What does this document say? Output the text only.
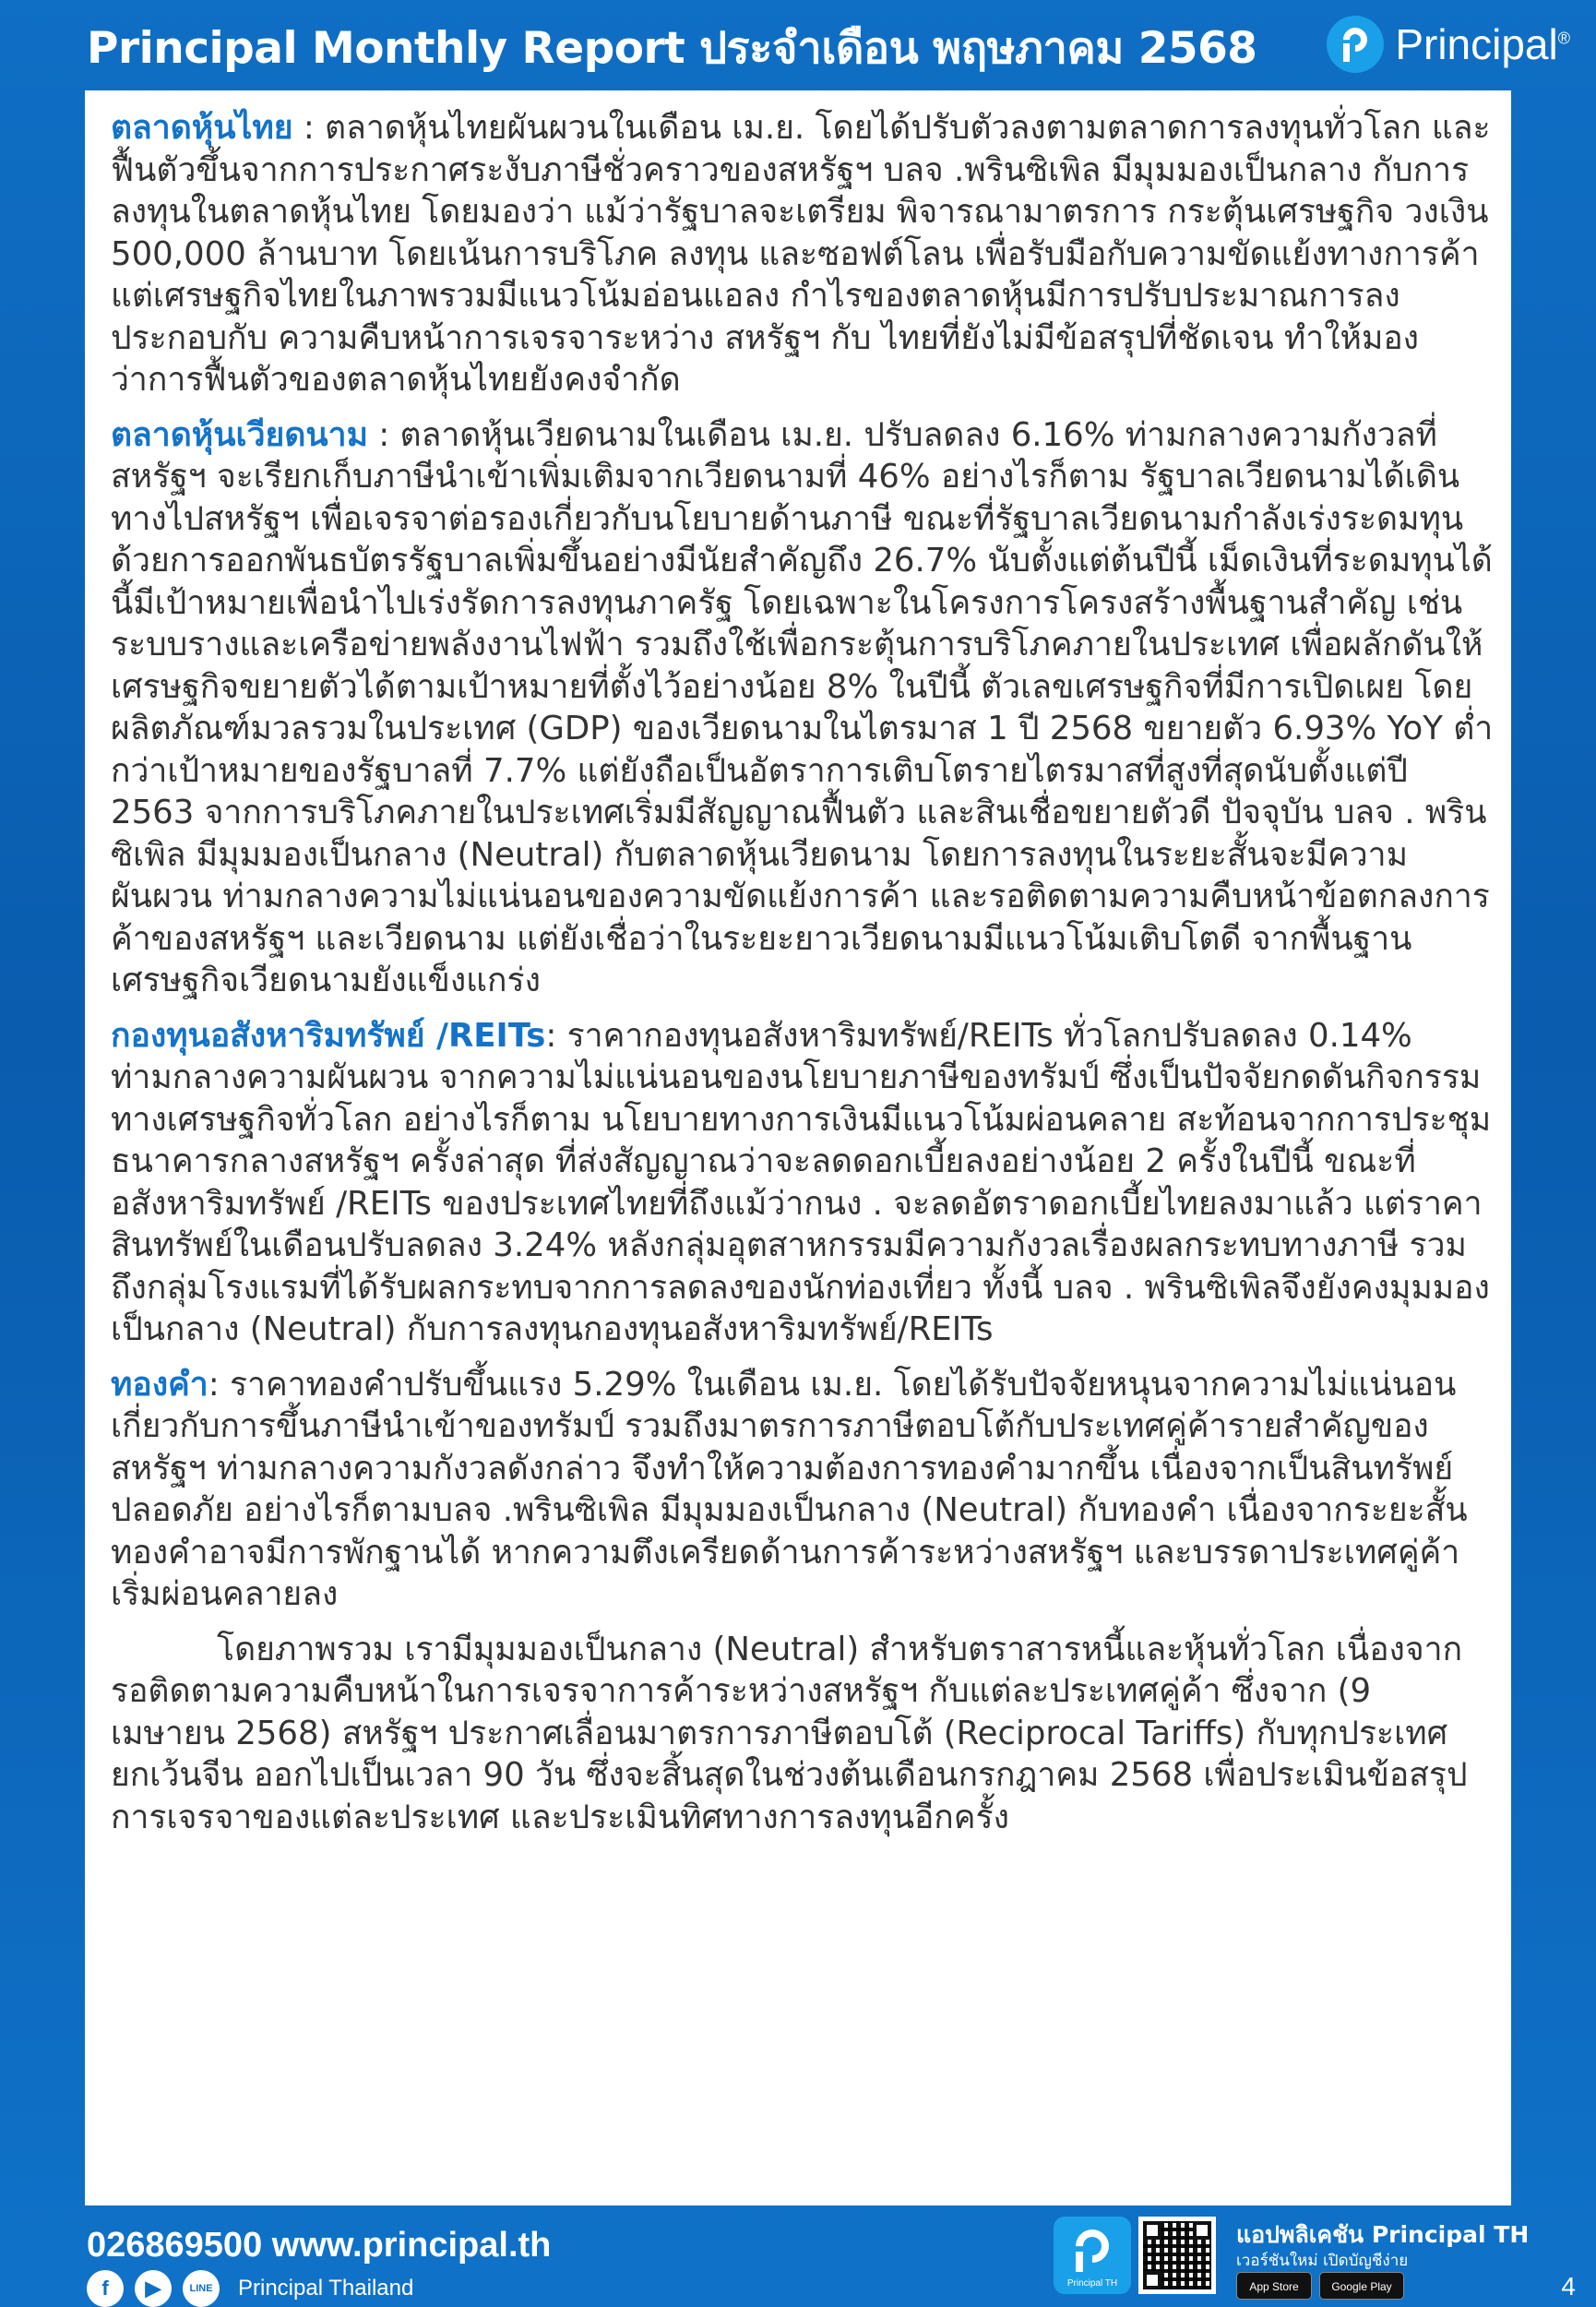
Principal Monthly Report ประจำเดือน พฤษภาคม 2568	Principal®

ตลาดหุ้นไทย : ตลาดหุ้นไทยผันผวนในเดือน เม.ย. โดยได้ปรับตัวลงตามตลาดการลงทุนทั่วโลก และฟื้นตัวขึ้นจากการประกาศระงับภาษีชั่วคราวของสหรัฐฯ บลจ .พรินซิเพิล มีมุมมองเป็นกลาง กับการลงทุนในตลาดหุ้นไทย โดยมองว่า แม้ว่ารัฐบาลจะเตรียม พิจารณามาตรการ กระตุ้นเศรษฐกิจ วงเงิน 500,000 ล้านบาท โดยเน้นการบริโภค ลงทุน และซอฟต์โลน เพื่อรับมือกับความขัดแย้งทางการค้า แต่เศรษฐกิจไทยในภาพรวมมีแนวโน้มอ่อนแอลง กำไรของตลาดหุ้นมีการปรับประมาณการลง ประกอบกับ ความคืบหน้าการเจรจาระหว่าง สหรัฐฯ กับ ไทยที่ยังไม่มีข้อสรุปที่ชัดเจน ทำให้มองว่าการฟื้นตัวของตลาดหุ้นไทยยังคงจำกัด

ตลาดหุ้นเวียดนาม : ตลาดหุ้นเวียดนามในเดือน เม.ย. ปรับลดลง 6.16% ท่ามกลางความกังวลที่สหรัฐฯ จะเรียกเก็บภาษีนำเข้าเพิ่มเติมจากเวียดนามที่ 46% อย่างไรก็ตาม รัฐบาลเวียดนามได้เดินทางไปสหรัฐฯ เพื่อเจรจาต่อรองเกี่ยวกับนโยบายด้านภาษี ขณะที่รัฐบาลเวียดนามกำลังเร่งระดมทุนด้วยการออกพันธบัตรรัฐบาลเพิ่มขึ้นอย่างมีนัยสำคัญถึง 26.7% นับตั้งแต่ต้นปีนี้ เม็ดเงินที่ระดมทุนได้นี้มีเป้าหมายเพื่อนำไปเร่งรัดการลงทุนภาครัฐ โดยเฉพาะในโครงการโครงสร้างพื้นฐานสำคัญ เช่น ระบบรางและเครือข่ายพลังงานไฟฟ้า รวมถึงใช้เพื่อกระตุ้นการบริโภคภายในประเทศ เพื่อผลักดันให้เศรษฐกิจขยายตัวได้ตามเป้าหมายที่ตั้งไว้อย่างน้อย 8% ในปีนี้ ตัวเลขเศรษฐกิจที่มีการเปิดเผย โดยผลิตภัณฑ์มวลรวมในประเทศ (GDP) ของเวียดนามในไตรมาส 1 ปี 2568 ขยายตัว 6.93% YoY ต่ำกว่าเป้าหมายของรัฐบาลที่ 7.7% แต่ยังถือเป็นอัตราการเติบโตรายไตรมาสที่สูงที่สุดนับตั้งแต่ปี 2563 จากการบริโภคภายในประเทศเริ่มมีสัญญาณฟื้นตัว และสินเชื่อขยายตัวดี ปัจจุบัน บลจ . พรินซิเพิล มีมุมมองเป็นกลาง (Neutral) กับตลาดหุ้นเวียดนาม โดยการลงทุนในระยะสั้นจะมีความผันผวน ท่ามกลางความไม่แน่นอนของความขัดแย้งการค้า และรอติดตามความคืบหน้าข้อตกลงการค้าของสหรัฐฯ และเวียดนาม แต่ยังเชื่อว่าในระยะยาวเวียดนามมีแนวโน้มเติบโตดี จากพื้นฐานเศรษฐกิจเวียดนามยังแข็งแกร่ง

กองทุนอสังหาริมทรัพย์ /REITs: ราคากองทุนอสังหาริมทรัพย์/REITs ทั่วโลกปรับลดลง 0.14% ท่ามกลางความผันผวน จากความไม่แน่นอนของนโยบายภาษีของทรัมป์ ซึ่งเป็นปัจจัยกดดันกิจกรรมทางเศรษฐกิจทั่วโลก อย่างไรก็ตาม นโยบายทางการเงินมีแนวโน้มผ่อนคลาย สะท้อนจากการประชุมธนาคารกลางสหรัฐฯ ครั้งล่าสุด ที่ส่งสัญญาณว่าจะลดดอกเบี้ยลงอย่างน้อย 2 ครั้งในปีนี้ ขณะที่อสังหาริมทรัพย์ /REITs ของประเทศไทยที่ถึงแม้ว่ากนง . จะลดอัตราดอกเบี้ยไทยลงมาแล้ว แต่ราคาสินทรัพย์ในเดือนปรับลดลง 3.24% หลังกลุ่มอุตสาหกรรมมีความกังวลเรื่องผลกระทบทางภาษี รวมถึงกลุ่มโรงแรมที่ได้รับผลกระทบจากการลดลงของนักท่องเที่ยว ทั้งนี้ บลจ . พรินซิเพิลจึงยังคงมุมมองเป็นกลาง (Neutral) กับการลงทุนกองทุนอสังหาริมทรัพย์/REITs

ทองคำ: ราคาทองคำปรับขึ้นแรง 5.29% ในเดือน เม.ย. โดยได้รับปัจจัยหนุนจากความไม่แน่นอนเกี่ยวกับการขึ้นภาษีนำเข้าของทรัมป์ รวมถึงมาตรการภาษีตอบโต้กับประเทศคู่ค้ารายสำคัญของสหรัฐฯ ท่ามกลางความกังวลดังกล่าว จึงทำให้ความต้องการทองคำมากขึ้น เนื่องจากเป็นสินทรัพย์ปลอดภัย อย่างไรก็ตามบลจ .พรินซิเพิล มีมุมมองเป็นกลาง (Neutral) กับทองคำ เนื่องจากระยะสั้นทองคำอาจมีการพักฐานได้ หากความตึงเครียดด้านการค้าระหว่างสหรัฐฯ และบรรดาประเทศคู่ค้าเริ่มผ่อนคลายลง

โดยภาพรวม เรามีมุมมองเป็นกลาง (Neutral) สำหรับตราสารหนี้และหุ้นทั่วโลก เนื่องจาก รอติดตามความคืบหน้าในการเจรจาการค้าระหว่างสหรัฐฯ กับแต่ละประเทศคู่ค้า ซึ่งจาก (9 เมษายน 2568) สหรัฐฯ ประกาศเลื่อนมาตรการภาษีตอบโต้ (Reciprocal Tariffs) กับทุกประเทศ ยกเว้นจีน ออกไปเป็นเวลา 90 วัน ซึ่งจะสิ้นสุดในช่วงต้นเดือนกรกฎาคม 2568 เพื่อประเมินข้อสรุปการเจรจาของแต่ละประเทศ และประเมินทิศทางการลงทุนอีกครั้ง

026869500 www.principal.th
f	▶	LINE	Principal Thailand	Principal TH
แอปพลิเคชัน Principal TH
เวอร์ชันใหม่ เปิดบัญชีง่าย
App Store	Google Play	4
